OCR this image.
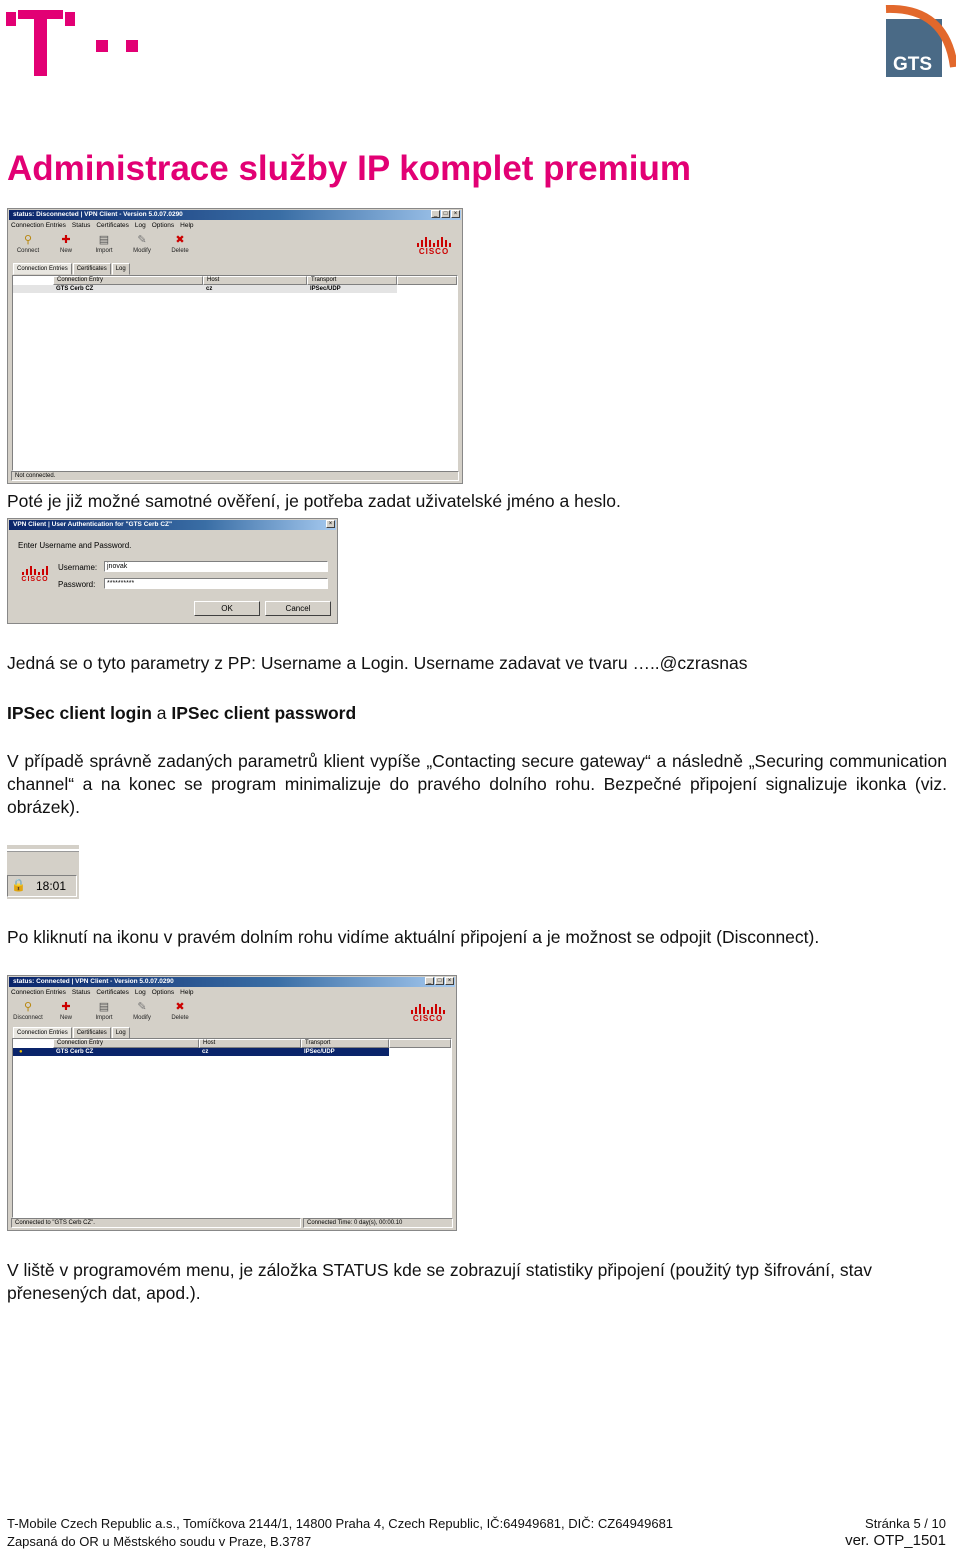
GTS
Administrace služby IP komplet premium
status: Disconnected | VPN Client - Version 5.0.07.0290	_	□	×
Connection Entries Status Certificates Log Options Help
⚲
Connect
✚
New
▤
Import
✎
Modify
✖
Delete	CISCO
Connection Entries	Certificates	Log
Connection Entry	Host	Transport
GTS Cerb CZ	cz	IPSec/UDP
Not connected.
Poté je již možné samotné ověření, je potřeba zadat uživatelské jméno a heslo.
VPN Client | User Authentication for "GTS Cerb CZ"	×
Enter Username and Password.
CISCO
Username:	jnovak
Password:	**********
OK	Cancel
Jedná se o tyto parametry z PP: Username a Login. Username zadavat ve tvaru …..@czrasnas
IPSec client login a IPSec client password
V případě správně zadaných parametrů klient vypíše „Contacting secure gateway“ a následně „Securing communication channel“ a na konec se program minimalizuje do pravého dolního rohu. Bezpečné připojení signalizuje ikonka (viz. obrázek).
🔒 18:01
Po kliknutí na ikonu v pravém dolním rohu vidíme aktuální připojení a je možnost se odpojit (Disconnect).
status: Connected | VPN Client - Version 5.0.07.0290	_	□	×
Connection Entries Status Certificates Log Options Help
⚲
Disconnect
✚
New
▤
Import
✎
Modify
✖
Delete	CISCO
Connection Entries	Certificates	Log
Connection Entry	Host	Transport
●	GTS Cerb CZ	cz	IPSec/UDP
Connected to "GTS Cerb CZ".	Connected Time: 0 day(s), 00:00.10
V liště v programovém menu, je záložka STATUS kde se zobrazují statistiky připojení (použitý typ šifrování, stav přenesených dat, apod.).
T-Mobile Czech Republic a.s., Tomíčkova 2144/1, 14800 Praha 4, Czech Republic, IČ:64949681, DIČ: CZ64949681
Zapsaná do OR u Městského soudu v Praze, B.3787
Stránka 5 / 10
ver. OTP_1501
